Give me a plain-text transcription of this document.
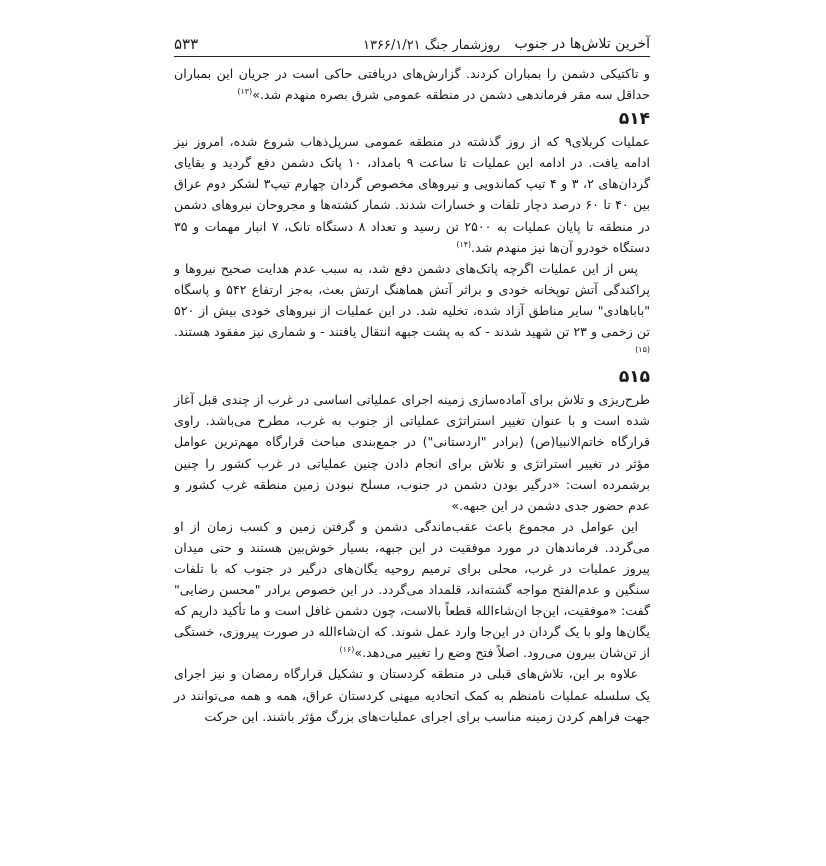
آخرین تلاش‌ها در جنوب
روزشمار جنگ ۱۳۶۶/۱/۲۱
۵۳۳

و تاکتیکی دشمن را بمباران کردند. گزارش‌های دریافتی حاکی است در جریان این بمباران حداقل سه مقر فرماندهی دشمن در منطقه عمومی شرق بصره منهدم شد.»$^{(۱۳)}$

۵۱۴

عملیات کربلای۹ که از روز گذشته در منطقه عمومی سرپل‌ذهاب شروع شده، امروز نیز ادامه یافت. در ادامه این عملیات تا ساعت ۹ بامداد، ۱۰ پاتک دشمن دفع گردید و بقایای گردان‌های ۲، ۳ و ۴ تیپ کماندویی و نیروهای مخصوص گردان چهارم تیپ۳ لشکر دوم عراق بین ۴۰ تا ۶۰ درصد دچار تلفات و خسارات شدند. شمار کشته‌ها و مجروحان نیروهای دشمن در منطقه تا پایان عملیات به ۲۵۰۰ تن رسید و تعداد ۸ دستگاه تانک، ۷ انبار مهمات و ۳۵ دستگاه خودرو آن‌ها نیز منهدم شد.$^{(۱۴)}$

پس از این عملیات اگرچه پاتک‌های دشمن دفع شد، به سبب عدم هدایت صحیح نیروها و پراکندگی آتش توپخانه خودی و براثر آتش هماهنگ ارتش بعث، به‌جز ارتفاع ۵۴۲ و پاسگاه "باباهادی" سایر مناطق آزاد شده، تخلیه شد. در این عملیات از نیروهای خودی بیش از ۵۲۰ تن زخمی و ۲۳ تن شهید شدند - که به پشت جبهه انتقال یافتند - و شماری نیز مفقود هستند.$^{(۱۵)}$

۵۱۵

طرح‌ریزی و تلاش برای آماده‌سازی زمینه اجرای عملیاتی اساسی در غرب از چندی قبل آغاز شده است و با عنوان تغییر استراتژی عملیاتی از جنوب به غرب، مطرح می‌باشد. راوی قرارگاه خاتم‌الانبیا(ص) (برادر "اردستانی") در جمع‌بندی مباحث قرارگاه مهم‌ترین عوامل مؤثر در تغییر استراتژی و تلاش برای انجام دادن چنین عملیاتی در غرب کشور را چنین برشمرده است: «درگیر بودن دشمن در جنوب، مسلح نبودن زمین منطقه غرب کشور و عدم حضور جدی دشمن در این جبهه.»

این عوامل در مجموع باعث عقب‌ماندگی دشمن و گرفتن زمین و کسب زمان از او می‌گردد. فرماندهان در مورد موفقیت در این جبهه، بسیار خوش‌بین هستند و حتی میدان پیروز عملیات در غرب، محلی برای ترمیم روحیه یگان‌های درگیر در جنوب که با تلفات سنگین و عدم‌الفتح مواجه گشته‌اند، قلمداد می‌گردد. در این خصوص برادر "محسن رضایی" گفت: «موفقیت، این‌جا ان‌شاءالله قطعاً بالاست، چون دشمن غافل است و ما تأکید داریم که یگان‌ها ولو با یک گردان در این‌جا وارد عمل شوند. که ان‌شاءالله در صورت پیروزی، خستگی از تن‌شان بیرون می‌رود. اصلاً فتح وضع را تغییر می‌دهد.»$^{(۱۶)}$

علاوه بر این، تلاش‌های قبلی در منطقه کردستان و تشکیل قرارگاه رمضان و نیز اجرای یک سلسله عملیات نامنظم به کمک اتحادیه میهنی کردستان عراق، همه و همه می‌توانند در جهت فراهم کردن زمینه مناسب برای اجرای عملیات‌های بزرگ مؤثر باشند. این حرکت
